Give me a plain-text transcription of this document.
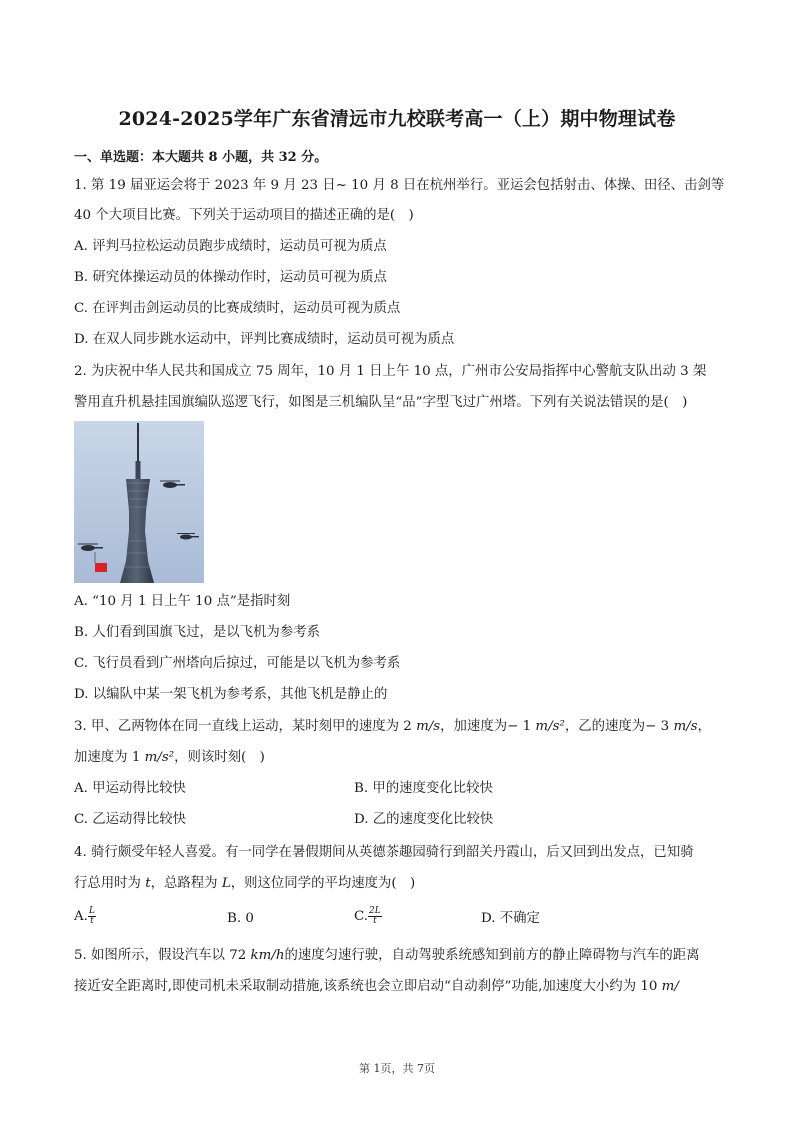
2024-2025学年广东省清远市九校联考高一（上）期中物理试卷
一、单选题：本大题共 8 小题，共 32 分。
1. 第 19 届亚运会将于 2023 年 9 月 23 日~ 10 月 8 日在杭州举行。亚运会包括射击、体操、田径、击剑等
40 个大项目比赛。下列关于运动项目的描述正确的是(　)
A. 评判马拉松运动员跑步成绩时，运动员可视为质点
B. 研究体操运动员的体操动作时，运动员可视为质点
C. 在评判击剑运动员的比赛成绩时，运动员可视为质点
D. 在双人同步跳水运动中，评判比赛成绩时，运动员可视为质点
2. 为庆祝中华人民共和国成立 75 周年，10 月 1 日上午 10 点，广州市公安局指挥中心警航支队出动 3 架
警用直升机悬挂国旗编队巡逻飞行，如图是三机编队呈“品”字型飞过广州塔。下列有关说法错误的是(　)
A. “10 月 1 日上午 10 点”是指时刻
B. 人们看到国旗飞过，是以飞机为参考系
C. 飞行员看到广州塔向后掠过，可能是以飞机为参考系
D. 以编队中某一架飞机为参考系，其他飞机是静止的
3. 甲、乙两物体在同一直线上运动，某时刻甲的速度为 2 m/s，加速度为− 1 m/s²，乙的速度为− 3 m/s，
加速度为 1 m/s²，则该时刻(　)
A. 甲运动得比较快	B. 甲的速度变化比较快
C. 乙运动得比较快	D. 乙的速度变化比较快
4. 骑行颇受年轻人喜爱。有一同学在暑假期间从英德茶趣园骑行到韶关丹霞山，后又回到出发点，已知骑
行总用时为 t，总路程为 L，则这位同学的平均速度为(　)
A. $\frac{L}{t}$	B. 0	C. $\frac{2L}{t}$	D. 不确定
5. 如图所示，假设汽车以 72 km/h的速度匀速行驶，自动驾驶系统感知到前方的静止障碍物与汽车的距离
接近安全距离时,即使司机未采取制动措施,该系统也会立即启动“自动刹停”功能,加速度大小约为 10 m/
第 1页，共 7页
